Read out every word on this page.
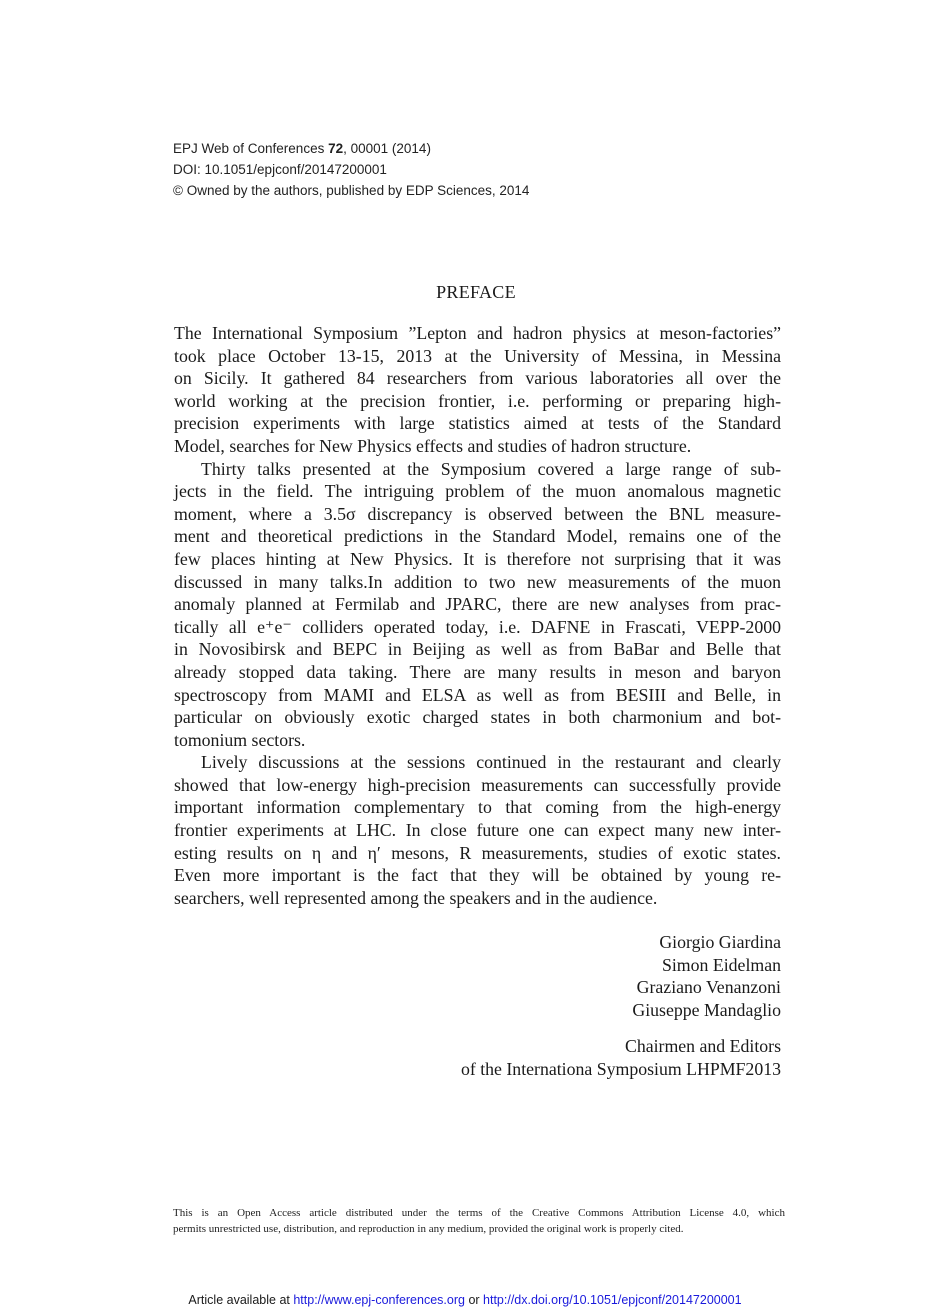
EPJ Web of Conferences 72, 00001 (2014)
DOI: 10.1051/epjconf/20147200001
© Owned by the authors, published by EDP Sciences, 2014
PREFACE
The International Symposium ”Lepton and hadron physics at meson-factories”
took place October 13-15, 2013 at the University of Messina, in Messina
on Sicily. It gathered 84 researchers from various laboratories all over the
world working at the precision frontier, i.e. performing or preparing high-
precision experiments with large statistics aimed at tests of the Standard
Model, searches for New Physics effects and studies of hadron structure.
Thirty talks presented at the Symposium covered a large range of sub-
jects in the field. The intriguing problem of the muon anomalous magnetic
moment, where a 3.5σ discrepancy is observed between the BNL measure-
ment and theoretical predictions in the Standard Model, remains one of the
few places hinting at New Physics. It is therefore not surprising that it was
discussed in many talks.In addition to two new measurements of the muon
anomaly planned at Fermilab and JPARC, there are new analyses from prac-
tically all e⁺e⁻ colliders operated today, i.e. DAFNE in Frascati, VEPP-2000
in Novosibirsk and BEPC in Beijing as well as from BaBar and Belle that
already stopped data taking. There are many results in meson and baryon
spectroscopy from MAMI and ELSA as well as from BESIII and Belle, in
particular on obviously exotic charged states in both charmonium and bot-
tomonium sectors.
Lively discussions at the sessions continued in the restaurant and clearly
showed that low-energy high-precision measurements can successfully provide
important information complementary to that coming from the high-energy
frontier experiments at LHC. In close future one can expect many new inter-
esting results on η and η′ mesons, R measurements, studies of exotic states.
Even more important is the fact that they will be obtained by young re-
searchers, well represented among the speakers and in the audience.
Giorgio Giardina
Simon Eidelman
Graziano Venanzoni
Giuseppe Mandaglio
Chairmen and Editors
of the Internationa Symposium LHPMF2013
This is an Open Access article distributed under the terms of the Creative Commons Attribution License 4.0, which
permits unrestricted use, distribution, and reproduction in any medium, provided the original work is properly cited.
Article available at http://www.epj-conferences.org or http://dx.doi.org/10.1051/epjconf/20147200001
